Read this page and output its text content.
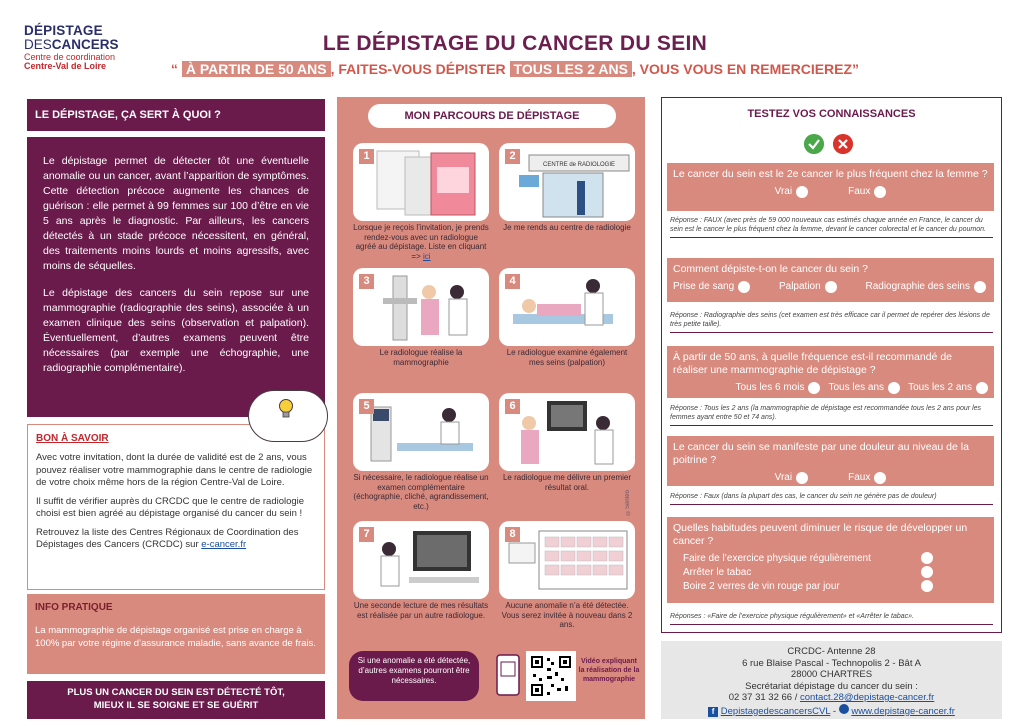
DÉPISTAGE
DESCANCERS
Centre de coordination
Centre-Val de Loire
LE DÉPISTAGE DU CANCER DU SEIN
“ À PARTIR DE 50 ANS , FAITES-VOUS DÉPISTER TOUS LES 2 ANS , VOUS VOUS EN REMERCIEREZ”
LE DÉPISTAGE, ÇA SERT À QUOI ?

Le dépistage permet de détecter tôt une éventuelle anomalie ou un cancer, avant l’apparition de symptômes. Cette détection précoce augmente les chances de guérison : elle permet à 99 femmes sur 100 d’être en vie 5 ans après le diagnostic. Par ailleurs, les cancers détectés à un stade précoce nécessitent, en général, des traitements moins lourds et moins agressifs, avec moins de séquelles.

Le dépistage des cancers du sein repose sur une mammographie (radiographie des seins), associée à un examen clinique des seins (observation et palpation). Éventuellement, d’autres examens peuvent être nécessaires (par exemple une échographie, une radiographie complémentaire).

BON À SAVOIR

Avec votre invitation, dont la durée de validité est de 2 ans, vous pouvez réaliser votre mammographie dans le centre de radiologie de votre choix même hors de la région Centre-Val de Loire.

Il suffit de vérifier auprès du CRCDC que le centre de radiologie choisi est bien agréé au dépistage organisé du cancer du sein !

Retrouvez la liste des Centres Régionaux de Coordination des Dépistages des Cancers (CRCDC) sur e-cancer.fr

INFO PRATIQUE

La mammographie de dépistage organisé est prise en charge à 100% par votre régime d’assurance maladie, sans avance de frais.

PLUS UN CANCER DU SEIN EST DÉTECTÉ TÔT,
MIEUX IL SE SOIGNE ET SE GUÉRIT
MON PARCOURS DE DÉPISTAGE
1
Lorsque je reçois l’invitation, je prends rendez-vous avec un radiologue agréé au dépistage. Liste en cliquant => ici
CENTRE de RADIOLOGIE
2
Je me rends au centre de radiologie
3
Le radiologue réalise la mammographie
4
Le radiologue examine également mes seins (palpation)
5
Si nécessaire, le radiologue réalise un examen complémentaire (échographie, cliché, agrandissement, etc.)
6
Le radiologue me délivre un premier résultat oral.
7
Une seconde lecture de mes résultats est réalisée par un autre radiologue.
8
Aucune anomalie n’a été détectée. Vous serez invitée à nouveau dans 2 ans.
©Sentéo
Si une anomalie a été détectée, d’autres examens pourront être nécessaires.
Vidéo expliquant la réalisation de la mammographie
TESTEZ VOS CONNAISSANCES
Le cancer du sein est le 2e cancer le plus fréquent chez la femme ?
Vrai	Faux
Réponse : FAUX (avec près de 59 000 nouveaux cas estimés chaque année en France, le cancer du sein est le cancer le plus fréquent chez la femme, devant le cancer colorectal et le cancer du poumon.
Comment dépiste-t-on le cancer du sein ?
Prise de sang	Palpation	Radiographie des seins
Réponse : Radiographie des seins (cet examen est très efficace car il permet de repérer des lésions de très petite taille).
À partir de 50 ans, à quelle fréquence est-il recommandé de réaliser une mammographie de dépistage ?
Tous les 6 mois Tous les ans Tous les 2 ans
Réponse : Tous les 2 ans (la mammographie de dépistage est recommandée tous les 2 ans pour les femmes ayant entre 50 et 74 ans).
Le cancer du sein se manifeste par une douleur au niveau de la poitrine ?
Vrai	Faux
Réponse : Faux (dans la plupart des cas, le cancer du sein ne génère pas de douleur)
Quelles habitudes peuvent diminuer le risque de développer un cancer ?
Faire de l’exercice physique régulièrement
Arrêter le tabac
Boire 2 verres de vin rouge par jour
Réponses : «Faire de l’exercice physique régulièrement» et «Arrêter le tabac».
CRCDC- Antenne 28
6 rue Blaise Pascal - Technopolis 2 - Bât A
28000 CHARTRES
Secrétariat dépistage du cancer du sein :
02 37 31 32 66 / contact.28@depistage-cancer.fr
f DepistagedescancersCVL -  www.depistage-cancer.fr
